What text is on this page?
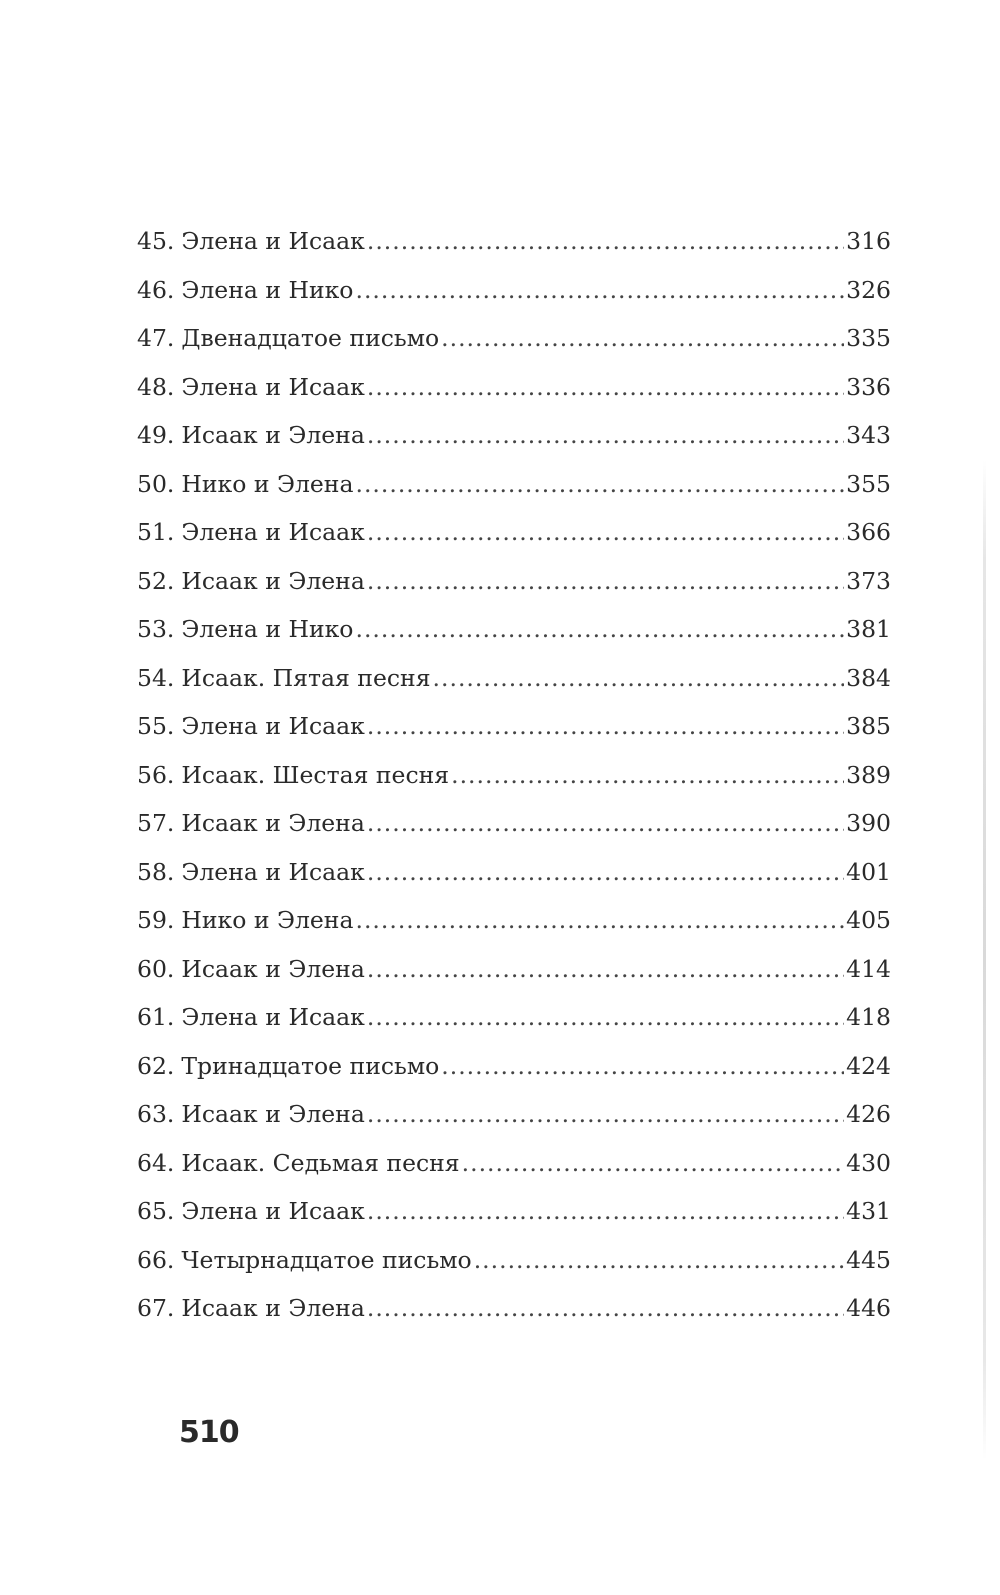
45. Элена и Исаак .....	316
46. Элена и Нико .....	326
47. Двенадцатое письмо .....	335
48. Элена и Исаак .....	336
49. Исаак и Элена .....	343
50. Нико и Элена .....	355
51. Элена и Исаак .....	366
52. Исаак и Элена .....	373
53. Элена и Нико .....	381
54. Исаак. Пятая песня .....	384
55. Элена и Исаак .....	385
56. Исаак. Шестая песня .....	389
57. Исаак и Элена .....	390
58. Элена и Исаак .....	401
59. Нико и Элена .....	405
60. Исаак и Элена .....	414
61. Элена и Исаак .....	418
62. Тринадцатое письмо .....	424
63. Исаак и Элена .....	426
64. Исаак. Седьмая песня .....	430
65. Элена и Исаак .....	431
66. Четырнадцатое письмо .....	445
67. Исаак и Элена .....	446
510
